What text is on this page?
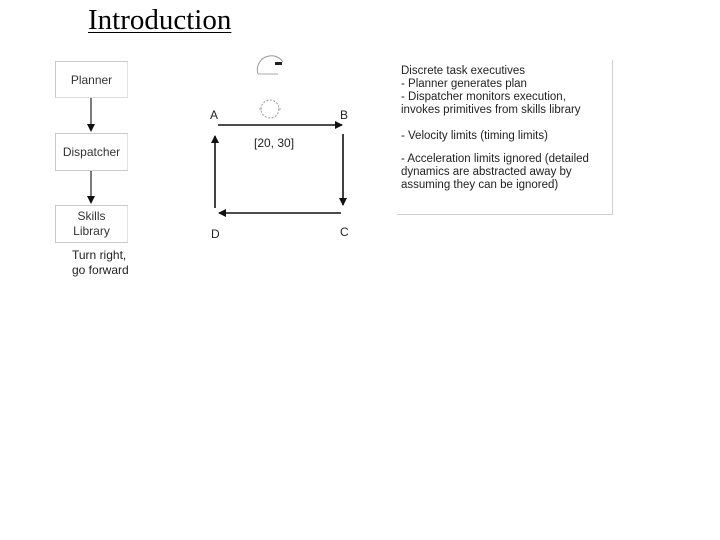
Introduction
Planner
Dispatcher
Skills
Library
Turn right,
go forward
A	B
C
D
[20, 30]
Discrete task executives
- Planner generates plan
- Dispatcher monitors execution,
invokes primitives from skills library
- Velocity limits (timing limits)
- Acceleration limits ignored (detailed
dynamics are abstracted away by
assuming they can be ignored)
